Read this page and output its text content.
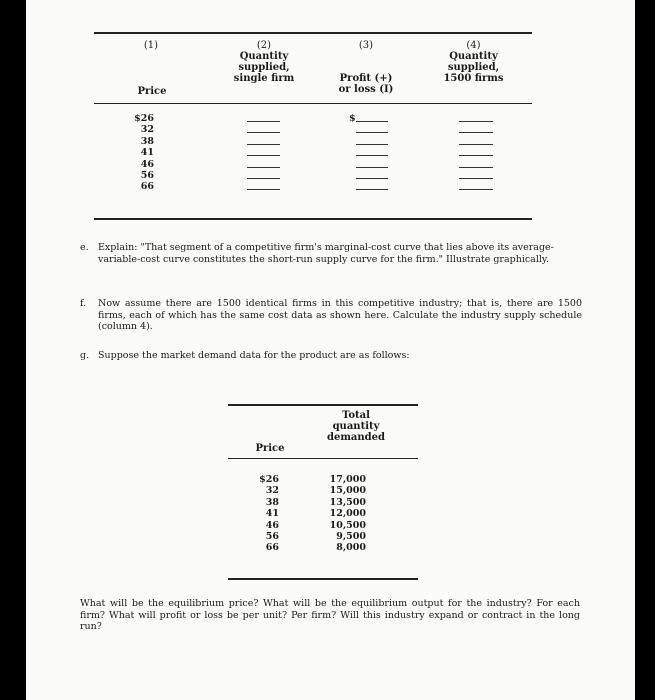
(1)
Price
(2)
Quantity
supplied,
single firm
(3)
Profit (+)
or loss (I)
(4)
Quantity
supplied,
1500 firms
$26
32
38
41
46
56
66
$
e. Explain: "That segment of a competitive firm's marginal-cost curve that lies above its average-variable-cost curve constitutes the short-run supply curve for the firm." Illustrate graphically.
f. Now assume there are 1500 identical firms in this competitive industry; that is, there are 1500 firms, each of which has the same cost data as shown here. Calculate the industry supply schedule (column 4).
g. Suppose the market demand data for the product are as follows:
Total
quantity
demanded
Price
$26
32
38
41
46
56
66
17,000
15,000
13,500
12,000
10,500
9,500
8,000
What will be the equilibrium price? What will be the equilibrium output for the industry? For each firm? What will profit or loss be per unit? Per firm? Will this industry expand or contract in the long run?
